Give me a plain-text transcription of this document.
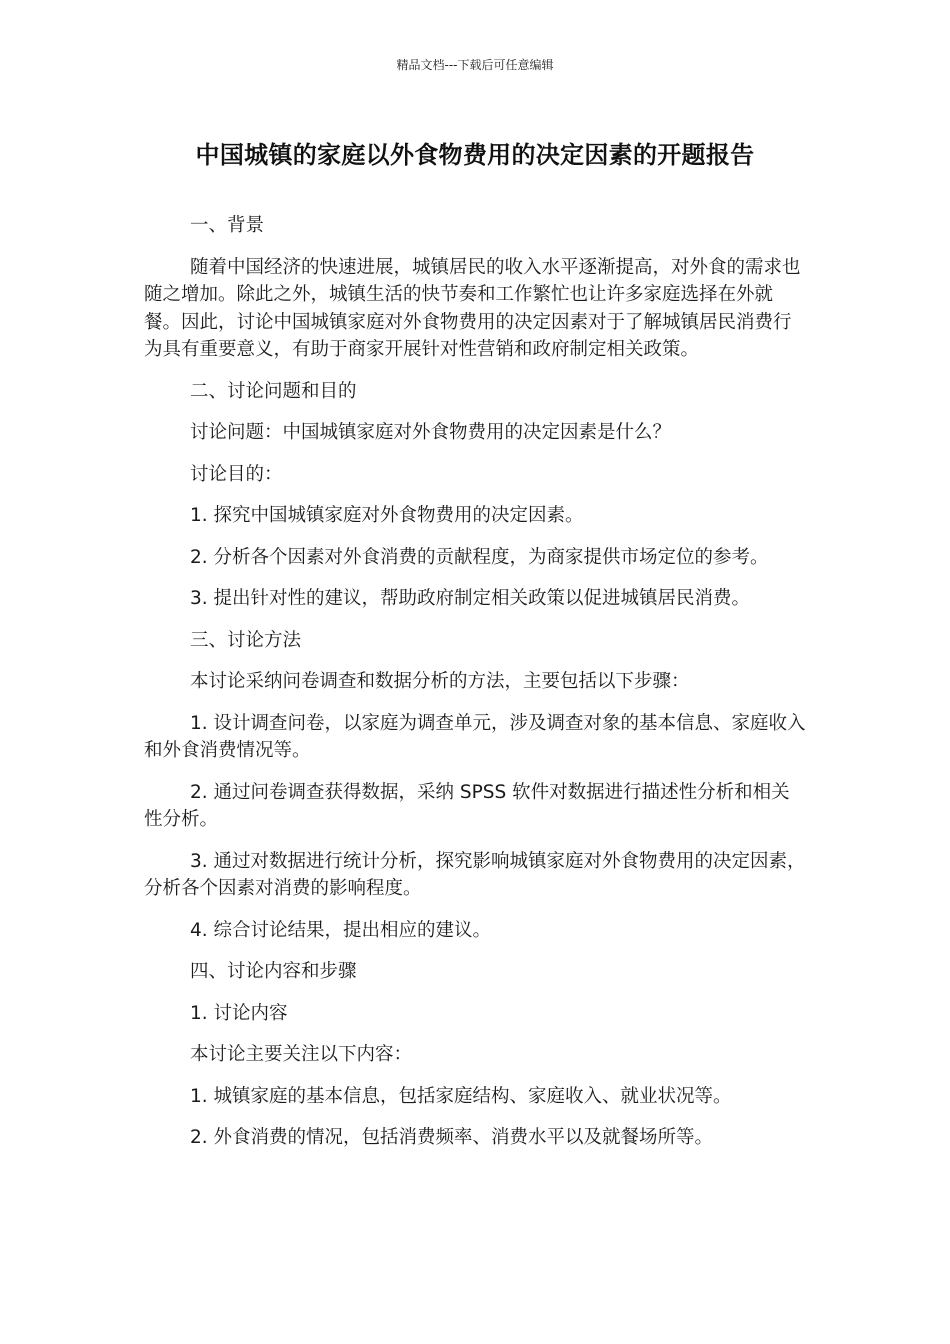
精品文档---下载后可任意编辑
中国城镇的家庭以外食物费用的决定因素的开题报告

一、背景

随着中国经济的快速进展，城镇居民的收入水平逐渐提高，对外食的需求也随之增加。除此之外，城镇生活的快节奏和工作繁忙也让许多家庭选择在外就餐。因此，讨论中国城镇家庭对外食物费用的决定因素对于了解城镇居民消费行为具有重要意义，有助于商家开展针对性营销和政府制定相关政策。

二、讨论问题和目的

讨论问题：中国城镇家庭对外食物费用的决定因素是什么？

讨论目的：

1. 探究中国城镇家庭对外食物费用的决定因素。

2. 分析各个因素对外食消费的贡献程度，为商家提供市场定位的参考。

3. 提出针对性的建议，帮助政府制定相关政策以促进城镇居民消费。

三、讨论方法

本讨论采纳问卷调查和数据分析的方法，主要包括以下步骤：

1. 设计调查问卷，以家庭为调查单元，涉及调查对象的基本信息、家庭收入和外食消费情况等。

2. 通过问卷调查获得数据，采纳 SPSS 软件对数据进行描述性分析和相关性分析。

3. 通过对数据进行统计分析，探究影响城镇家庭对外食物费用的决定因素，分析各个因素对消费的影响程度。

4. 综合讨论结果，提出相应的建议。

四、讨论内容和步骤

1. 讨论内容

本讨论主要关注以下内容：

1. 城镇家庭的基本信息，包括家庭结构、家庭收入、就业状况等。

2. 外食消费的情况，包括消费频率、消费水平以及就餐场所等。
